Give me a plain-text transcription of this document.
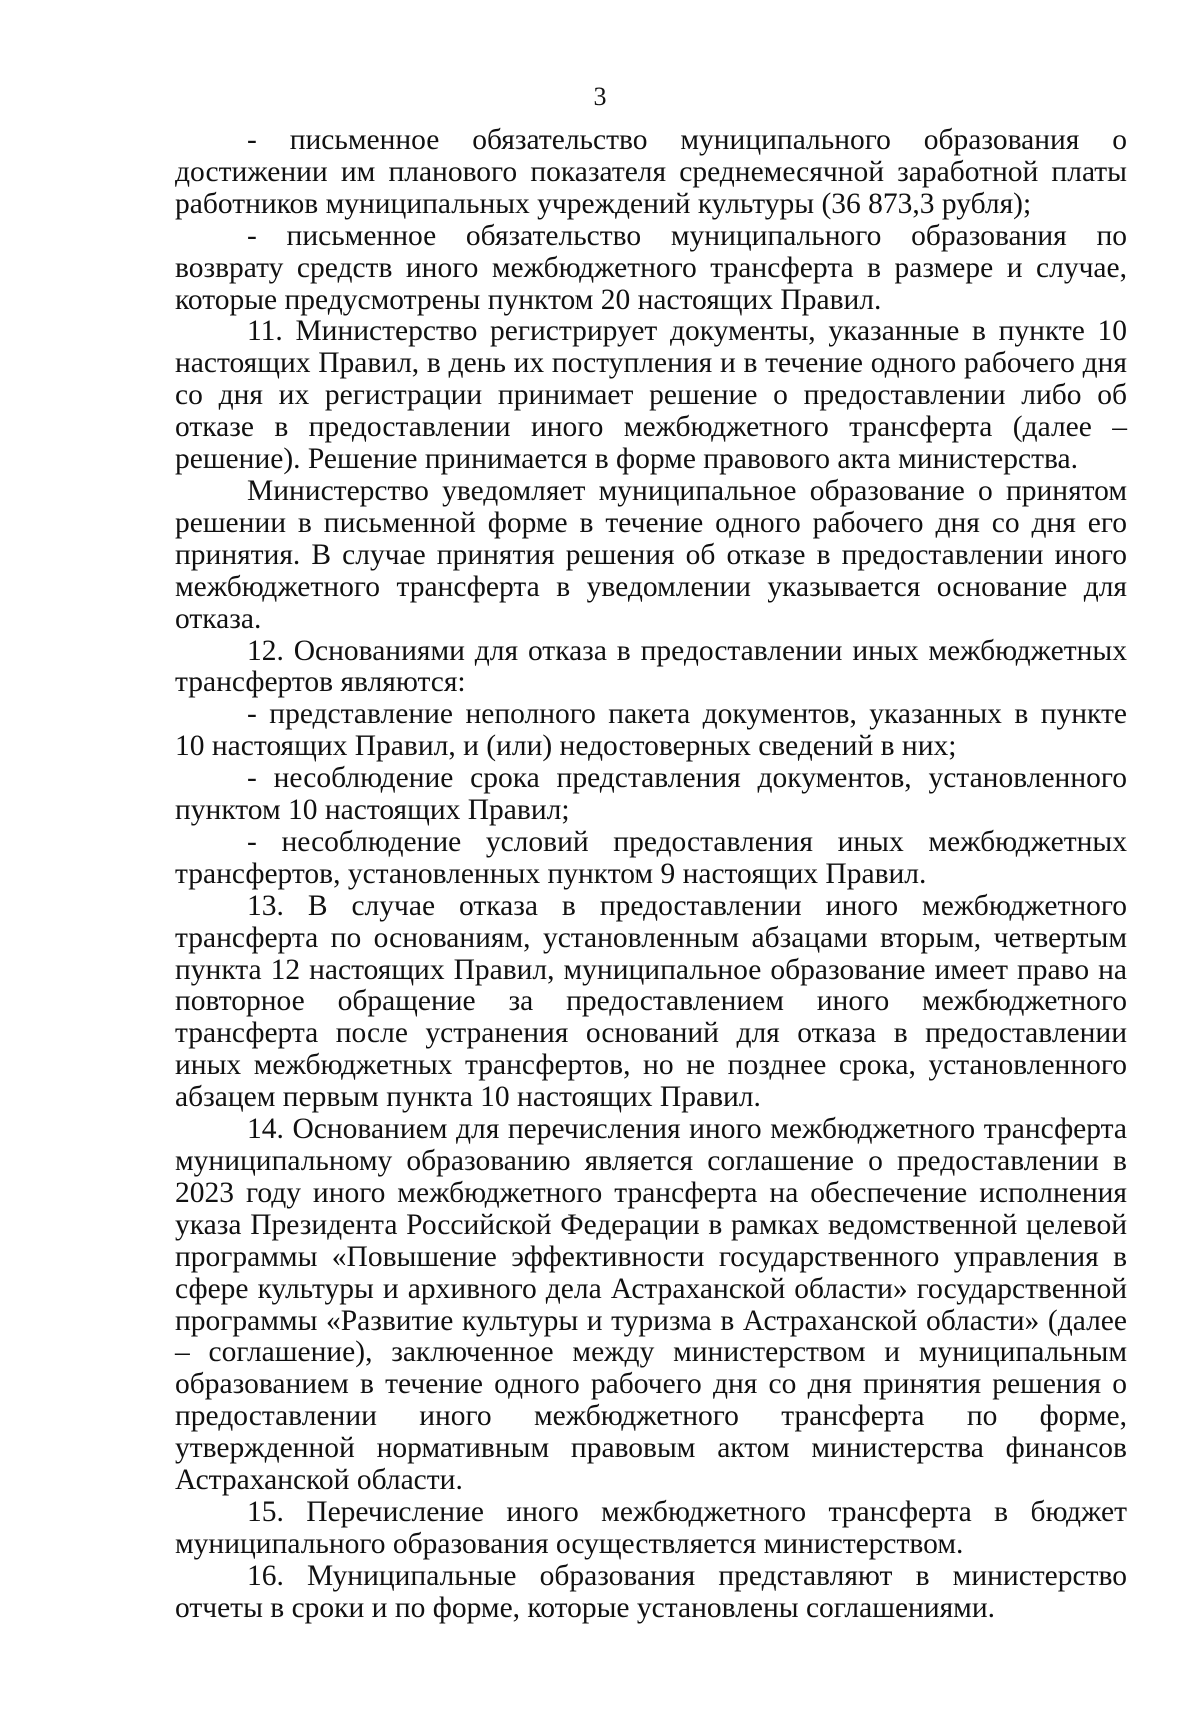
3

- письменное обязательство муниципального образования о достижении им планового показателя среднемесячной заработной платы работников муниципальных учреждений культуры (36 873,3 рубля);

- письменное обязательство муниципального образования по возврату средств иного межбюджетного трансферта в размере и случае, которые предусмотрены пунктом 20 настоящих Правил.

11. Министерство регистрирует документы, указанные в пункте 10 настоящих Правил, в день их поступления и в течение одного рабочего дня со дня их регистрации принимает решение о предоставлении либо об отказе в предоставлении иного межбюджетного трансферта (далее – решение). Решение принимается в форме правового акта министерства.

Министерство уведомляет муниципальное образование о принятом решении в письменной форме в течение одного рабочего дня со дня его принятия. В случае принятия решения об отказе в предоставлении иного межбюджетного трансферта в уведомлении указывается основание для отказа.

12. Основаниями для отказа в предоставлении иных межбюджетных трансфертов являются:

- представление неполного пакета документов, указанных в пункте 10 настоящих Правил, и (или) недостоверных сведений в них;

- несоблюдение срока представления документов, установленного пунктом 10 настоящих Правил;

- несоблюдение условий предоставления иных межбюджетных трансфертов, установленных пунктом 9 настоящих Правил.

13. В случае отказа в предоставлении иного межбюджетного трансферта по основаниям, установленным абзацами вторым, четвертым пункта 12 настоящих Правил, муниципальное образование имеет право на повторное обращение за предоставлением иного межбюджетного трансферта после устранения оснований для отказа в предоставлении иных межбюджетных трансфертов, но не позднее срока, установленного абзацем первым пункта 10 настоящих Правил.

14. Основанием для перечисления иного межбюджетного трансферта муниципальному образованию является соглашение о предоставлении в 2023 году иного межбюджетного трансферта на обеспечение исполнения указа Президента Российской Федерации в рамках ведомственной целевой программы «Повышение эффективности государственного управления в сфере культуры и архивного дела Астраханской области» государственной программы «Развитие культуры и туризма в Астраханской области» (далее – соглашение), заключенное между министерством и муниципальным образованием в течение одного рабочего дня со дня принятия решения о предоставлении иного межбюджетного трансферта по форме, утвержденной нормативным правовым актом министерства финансов Астраханской области.

15. Перечисление иного межбюджетного трансферта в бюджет муниципального образования осуществляется министерством.

16. Муниципальные образования представляют в министерство отчеты в сроки и по форме, которые установлены соглашениями.
